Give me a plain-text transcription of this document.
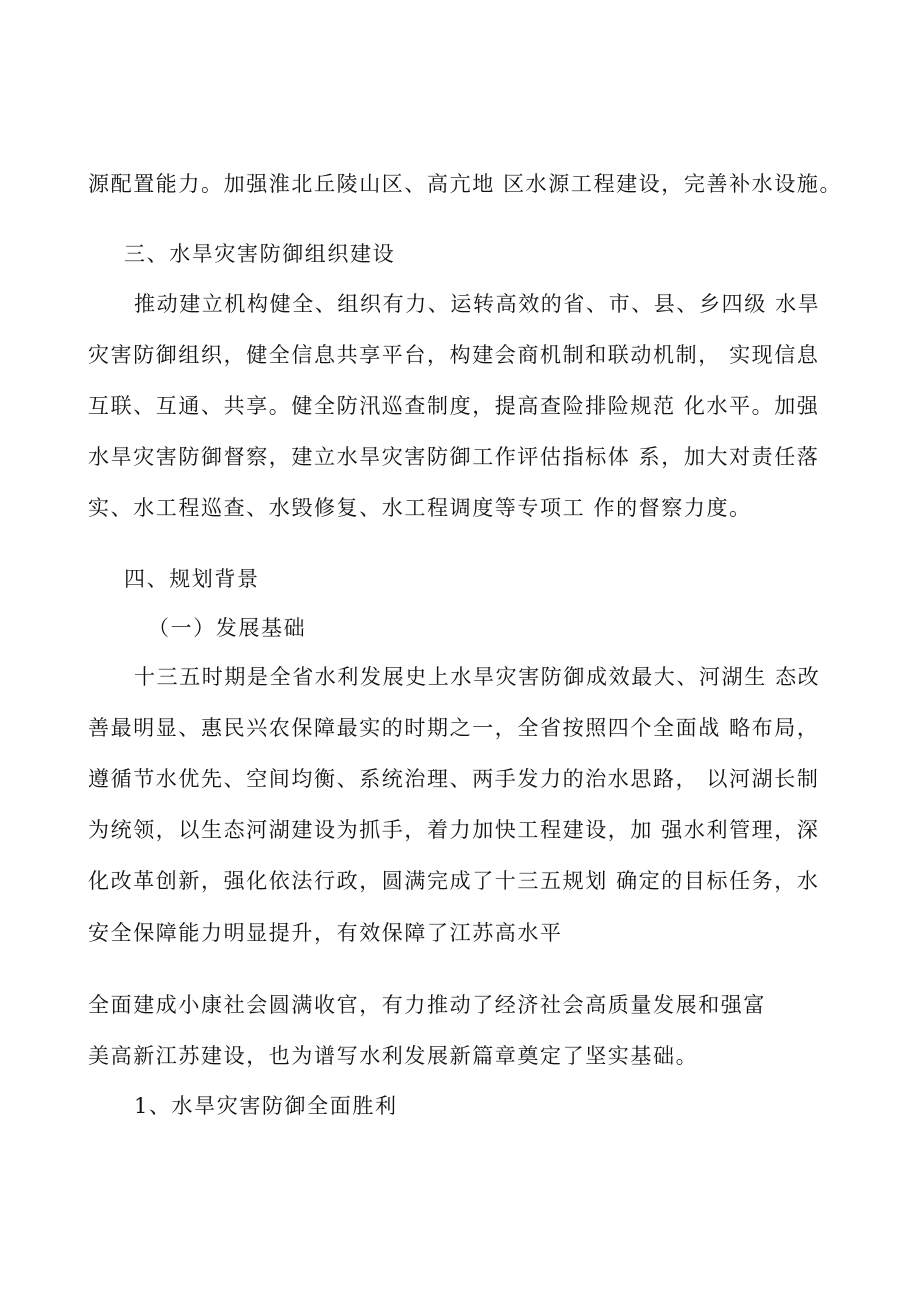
源配置能力。加强淮北丘陵山区、高亢地 区水源工程建设，完善补水设施。
三、水旱灾害防御组织建设
推动建立机构健全、组织有力、运转高效的省、市、县、乡四级 水旱
灾害防御组织，健全信息共享平台，构建会商机制和联动机制， 实现信息
互联、互通、共享。健全防汛巡查制度，提高查险排险规范 化水平。加强
水旱灾害防御督察，建立水旱灾害防御工作评估指标体 系，加大对责任落
实、水工程巡查、水毁修复、水工程调度等专项工 作的督察力度。
四、规划背景
（一）发展基础
十三五时期是全省水利发展史上水旱灾害防御成效最大、河湖生 态改
善最明显、惠民兴农保障最实的时期之一，全省按照四个全面战 略布局，
遵循节水优先、空间均衡、系统治理、两手发力的治水思路， 以河湖长制
为统领，以生态河湖建设为抓手，着力加快工程建设，加 强水利管理，深
化改革创新，强化依法行政，圆满完成了十三五规划 确定的目标任务，水
安全保障能力明显提升，有效保障了江苏高水平
全面建成小康社会圆满收官，有力推动了经济社会高质量发展和强富
美高新江苏建设，也为谱写水利发展新篇章奠定了坚实基础。
1、水旱灾害防御全面胜利
